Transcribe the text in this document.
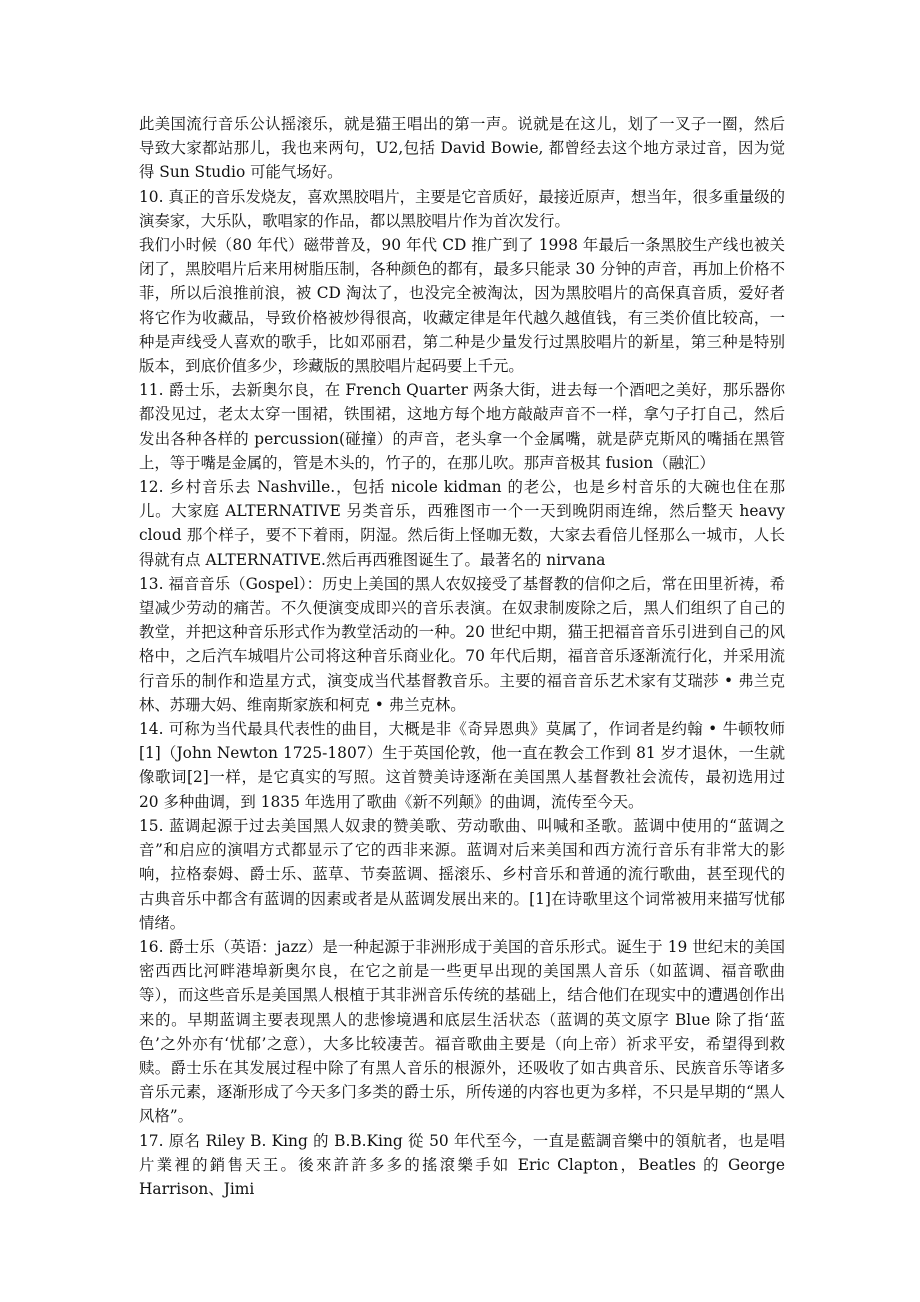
此美国流行音乐公认摇滚乐，就是猫王唱出的第一声。说就是在这儿，划了一叉子一圈，然后导致大家都站那儿，我也来两句，U2,包括 David Bowie, 都曾经去这个地方录过音，因为觉得 Sun Studio 可能气场好。

10. 真正的音乐发烧友，喜欢黑胶唱片，主要是它音质好，最接近原声，想当年，很多重量级的演奏家，大乐队，歌唱家的作品，都以黑胶唱片作为首次发行。

我们小时候（80 年代）磁带普及，90 年代 CD 推广到了 1998 年最后一条黑胶生产线也被关闭了，黑胶唱片后来用树脂压制，各种颜色的都有，最多只能录 30 分钟的声音，再加上价格不菲，所以后浪推前浪，被 CD 淘汰了，也没完全被淘汰，因为黑胶唱片的高保真音质，爱好者将它作为收藏品，导致价格被炒得很高，收藏定律是年代越久越值钱，有三类价值比较高，一种是声线受人喜欢的歌手，比如邓丽君，第二种是少量发行过黑胶唱片的新星，第三种是特别版本，到底价值多少，珍藏版的黑胶唱片起码要上千元。

11. 爵士乐，去新奥尔良，在 French Quarter 两条大街，进去每一个酒吧之美好，那乐器你都没见过，老太太穿一围裙，铁围裙，这地方每个地方敲敲声音不一样，拿勺子打自己，然后发出各种各样的 percussion(碰撞）的声音，老头拿一个金属嘴，就是萨克斯风的嘴插在黑管上，等于嘴是金属的，管是木头的，竹子的，在那儿吹。那声音极其 fusion（融汇）

12. 乡村音乐去 Nashville.，包括 nicole kidman 的老公，也是乡村音乐的大碗也住在那儿。大家庭 ALTERNATIVE 另类音乐，西雅图市一个一天到晚阴雨连绵，然后整天 heavy cloud 那个样子，要不下着雨，阴湿。然后街上怪咖无数，大家去看倍儿怪那么一城市，人长得就有点 ALTERNATIVE.然后再西雅图诞生了。最著名的 nirvana

13. 福音音乐（Gospel）：历史上美国的黑人农奴接受了基督教的信仰之后，常在田里祈祷，希望减少劳动的痛苦。不久便演变成即兴的音乐表演。在奴隶制废除之后，黑人们组织了自己的教堂，并把这种音乐形式作为教堂活动的一种。20 世纪中期，猫王把福音音乐引进到自己的风格中，之后汽车城唱片公司将这种音乐商业化。70 年代后期，福音音乐逐渐流行化，并采用流行音乐的制作和造星方式，演变成当代基督教音乐。主要的福音音乐艺术家有艾瑞莎 • 弗兰克林、苏珊大妈、维南斯家族和柯克 • 弗兰克林。

14. 可称为当代最具代表性的曲目，大概是非《奇异恩典》莫属了，作词者是约翰 • 牛顿牧师[1]（John Newton 1725-1807）生于英国伦敦，他一直在教会工作到 81 岁才退休，一生就像歌词[2]一样，是它真实的写照。这首赞美诗逐渐在美国黑人基督教社会流传，最初选用过 20 多种曲调，到 1835 年选用了歌曲《新不列颠》的曲调，流传至今天。

15. 蓝调起源于过去美国黑人奴隶的赞美歌、劳动歌曲、叫喊和圣歌。蓝调中使用的“蓝调之音”和启应的演唱方式都显示了它的西非来源。蓝调对后来美国和西方流行音乐有非常大的影响，拉格泰姆、爵士乐、蓝草、节奏蓝调、摇滚乐、乡村音乐和普通的流行歌曲，甚至现代的古典音乐中都含有蓝调的因素或者是从蓝调发展出来的。[1]在诗歌里这个词常被用来描写忧郁情绪。

16. 爵士乐（英语：jazz）是一种起源于非洲形成于美国的音乐形式。诞生于 19 世纪末的美国密西西比河畔港埠新奥尔良，在它之前是一些更早出现的美国黑人音乐（如蓝调、福音歌曲等），而这些音乐是美国黑人根植于其非洲音乐传统的基础上，结合他们在现实中的遭遇创作出来的。早期蓝调主要表现黑人的悲惨境遇和底层生活状态（蓝调的英文原字 Blue 除了指‘蓝色’之外亦有‘忧郁’之意），大多比较凄苦。福音歌曲主要是（向上帝）祈求平安，希望得到救赎。爵士乐在其发展过程中除了有黑人音乐的根源外，还吸收了如古典音乐、民族音乐等诸多音乐元素，逐渐形成了今天多门多类的爵士乐，所传递的内容也更为多样，不只是早期的“黑人风格”。

17. 原名 Riley B. King 的 B.B.King 從 50 年代至今，一直是藍調音樂中的領航者，也是唱片業裡的銷售天王。後來許許多多的搖滾樂手如 Eric Clapton，Beatles 的 George Harrison、Jimi
